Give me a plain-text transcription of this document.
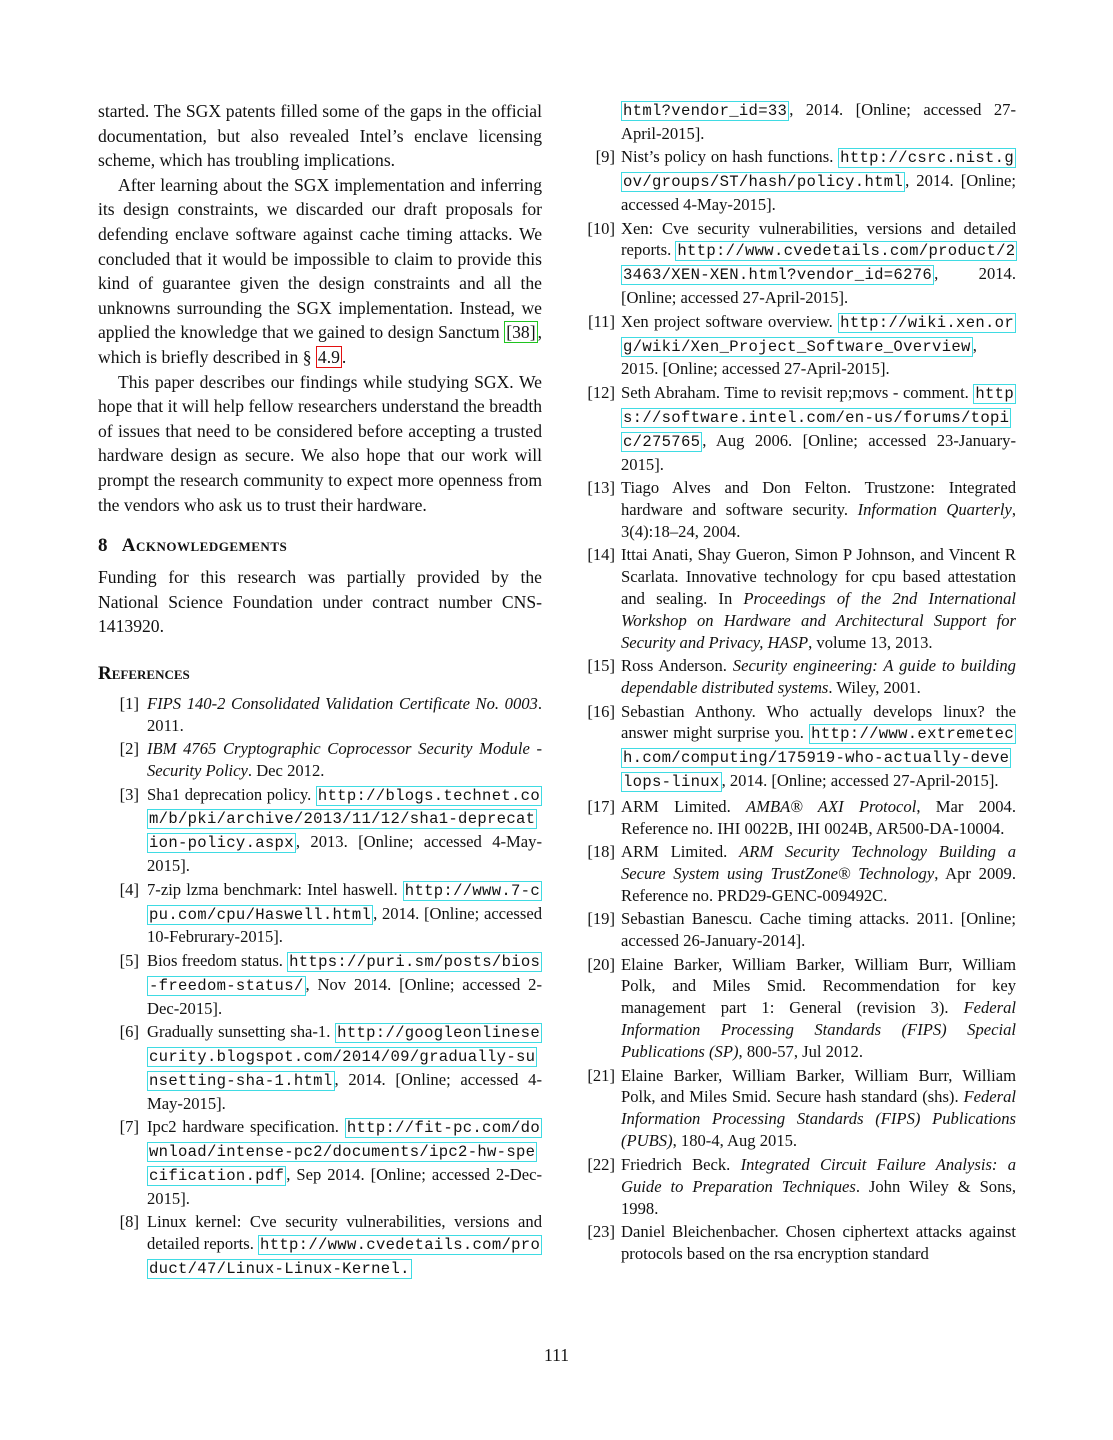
started. The SGX patents filled some of the gaps in the official documentation, but also revealed Intel’s enclave licensing scheme, which has troubling implications.

After learning about the SGX implementation and inferring its design constraints, we discarded our draft proposals for defending enclave software against cache timing attacks. We concluded that it would be impossible to claim to provide this kind of guarantee given the design constraints and all the unknowns surrounding the SGX implementation. Instead, we applied the knowledge that we gained to design Sanctum [38] , which is briefly described in § 4.9 .

This paper describes our findings while studying SGX. We hope that it will help fellow researchers understand the breadth of issues that need to be considered before accepting a trusted hardware design as secure. We also hope that our work will prompt the research community to expect more openness from the vendors who ask us to trust their hardware.

8 Acknowledgements

Funding for this research was partially provided by the National Science Foundation under contract number CNS-1413920.

References
[1] FIPS 140-2 Consolidated Validation Certificate No. 0003. 2011.
[2] IBM 4765 Cryptographic Coprocessor Security Module - Security Policy. Dec 2012.
[3] Sha1 deprecation policy. http://blogs.technet.com/b/pki/archive/2013/11/12/sha1-deprecation-policy.aspx , 2013. [Online; accessed 4-May-2015].
[4] 7-zip lzma benchmark: Intel haswell. http://www.7-cpu.com/cpu/Haswell.html , 2014. [Online; accessed 10-Februrary-2015].
[5] Bios freedom status. https://puri.sm/posts/bios-freedom-status/ , Nov 2014. [Online; accessed 2-Dec-2015].
[6] Gradually sunsetting sha-1. http://googleonlinesecurity.blogspot.com/2014/09/gradually-sunsetting-sha-1.html , 2014. [Online; accessed 4-May-2015].
[7] Ipc2 hardware specification. http://fit-pc.com/download/intense-pc2/documents/ipc2-hw-specification.pdf , Sep 2014. [Online; accessed 2-Dec-2015].
[8] Linux kernel: Cve security vulnerabilities, versions and detailed reports. http://www.cvedetails.com/product/47/Linux-Linux-Kernel.
html?vendor_id=33 , 2014. [Online; accessed 27-April-2015].
[9] Nist’s policy on hash functions. http://csrc.nist.gov/groups/ST/hash/policy.html , 2014. [Online; accessed 4-May-2015].
[10] Xen: Cve security vulnerabilities, versions and detailed reports. http://www.cvedetails.com/product/23463/XEN-XEN.html?vendor_id=6276 , 2014. [Online; accessed 27-April-2015].
[11] Xen project software overview. http://wiki.xen.org/wiki/Xen_Project_Software_Overview , 2015. [Online; accessed 27-April-2015].
[12] Seth Abraham. Time to revisit rep;movs - comment. https://software.intel.com/en-us/forums/topic/275765 , Aug 2006. [Online; accessed 23-January-2015].
[13] Tiago Alves and Don Felton. Trustzone: Integrated hardware and software security. Information Quarterly, 3(4):18–24, 2004.
[14] Ittai Anati, Shay Gueron, Simon P Johnson, and Vincent R Scarlata. Innovative technology for cpu based attestation and sealing. In Proceedings of the 2nd International Workshop on Hardware and Architectural Support for Security and Privacy, HASP, volume 13, 2013.
[15] Ross Anderson. Security engineering: A guide to building dependable distributed systems. Wiley, 2001.
[16] Sebastian Anthony. Who actually develops linux? the answer might surprise you. http://www.extremetech.com/computing/175919-who-actually-develops-linux , 2014. [Online; accessed 27-April-2015].
[17] ARM Limited. AMBA® AXI Protocol, Mar 2004. Reference no. IHI 0022B, IHI 0024B, AR500-DA-10004.
[18] ARM Limited. ARM Security Technology Building a Secure System using TrustZone® Technology, Apr 2009. Reference no. PRD29-GENC-009492C.
[19] Sebastian Banescu. Cache timing attacks. 2011. [Online; accessed 26-January-2014].
[20] Elaine Barker, William Barker, William Burr, William Polk, and Miles Smid. Recommendation for key management part 1: General (revision 3). Federal Information Processing Standards (FIPS) Special Publications (SP), 800-57, Jul 2012.
[21] Elaine Barker, William Barker, William Burr, William Polk, and Miles Smid. Secure hash standard (shs). Federal Information Processing Standards (FIPS) Publications (PUBS), 180-4, Aug 2015.
[22] Friedrich Beck. Integrated Circuit Failure Analysis: a Guide to Preparation Techniques. John Wiley & Sons, 1998.
[23] Daniel Bleichenbacher. Chosen ciphertext attacks against protocols based on the rsa encryption standard
111
